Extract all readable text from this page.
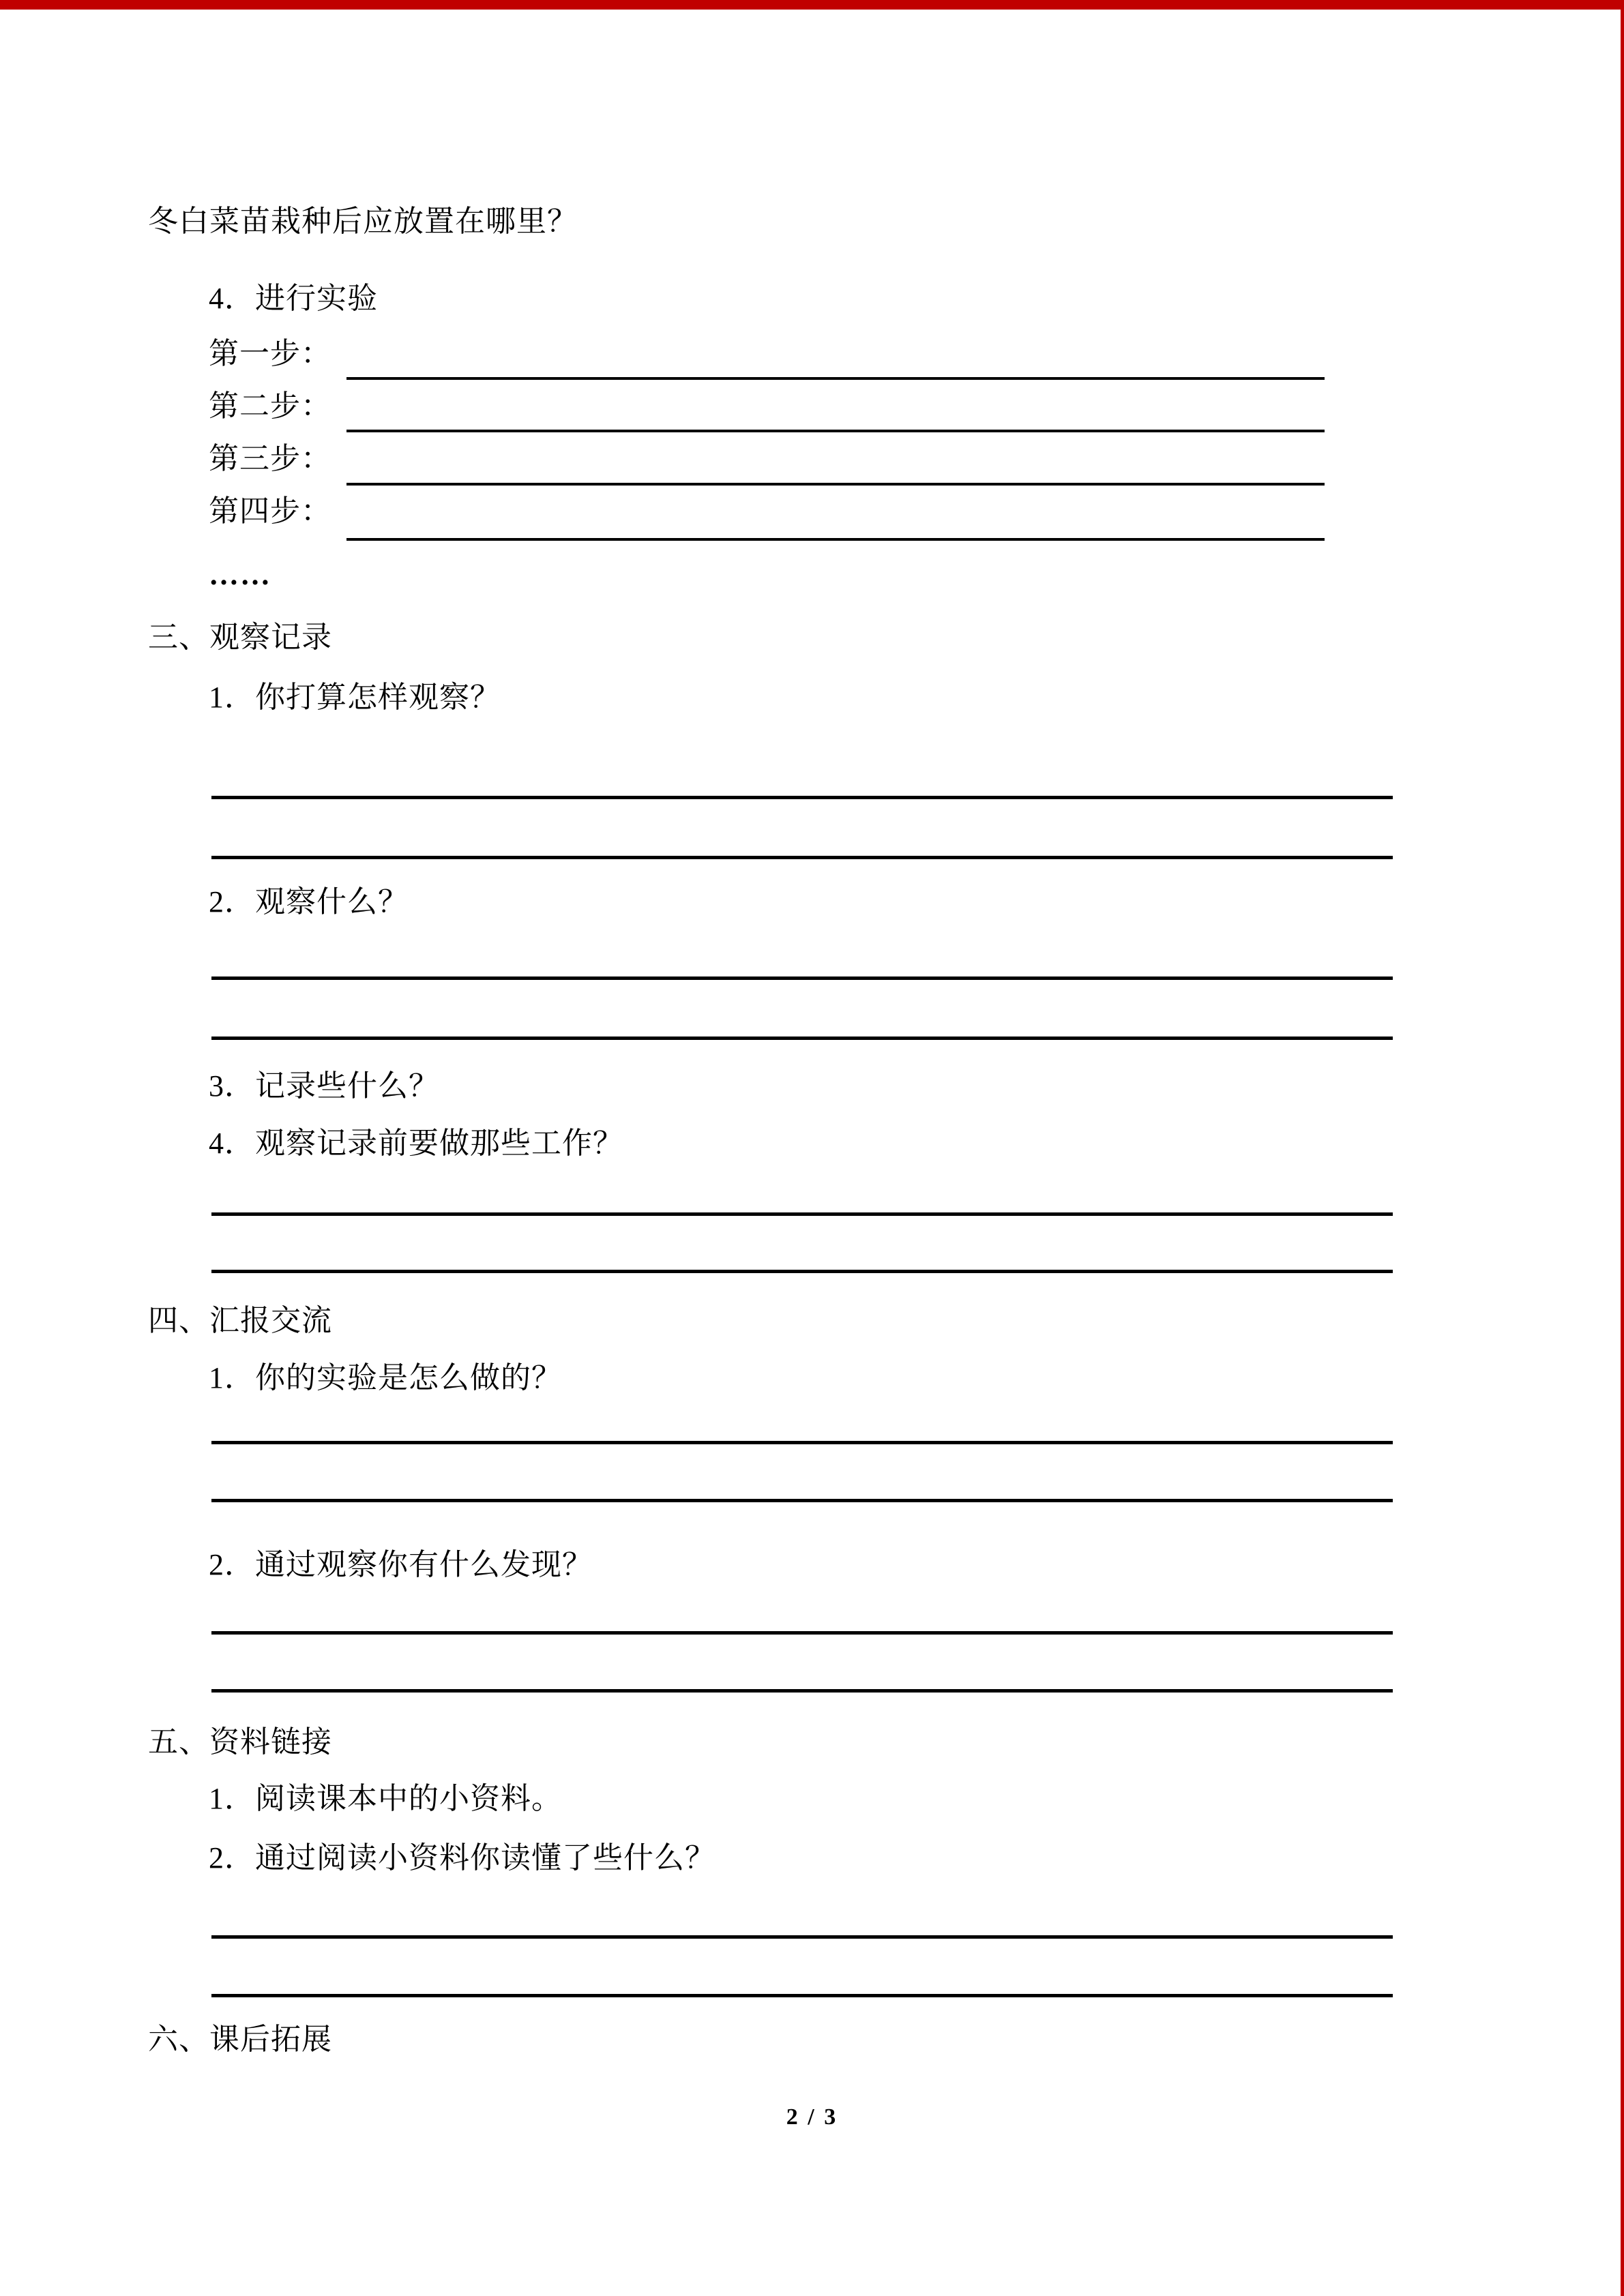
冬白菜苗栽种后应放置在哪里？
4．进行实验
第一步：
第二步：
第三步：
第四步：
……
三、观察记录
1．你打算怎样观察？
2．观察什么？
3．记录些什么？
4．观察记录前要做那些工作？
四、汇报交流
1．你的实验是怎么做的？
2．通过观察你有什么发现？
五、资料链接
1．阅读课本中的小资料。
2．通过阅读小资料你读懂了些什么？
六、课后拓展
2 / 3
